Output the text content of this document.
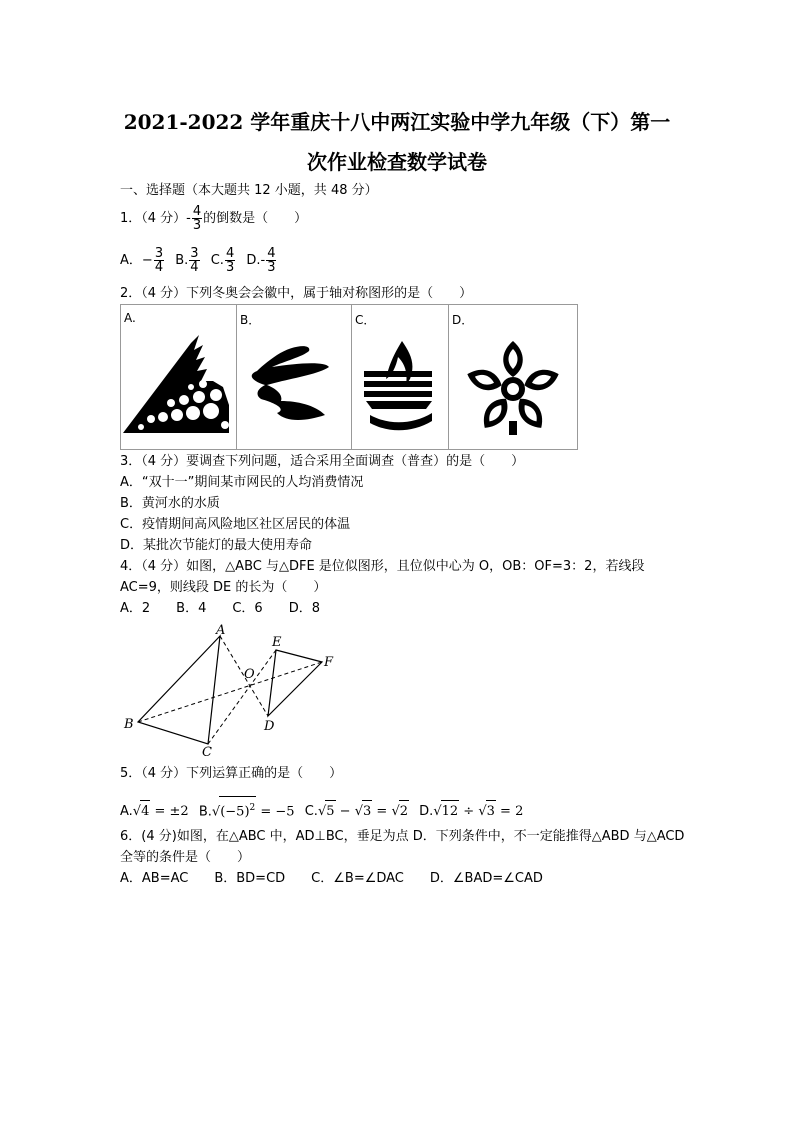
2021-2022 学年重庆十八中两江实验中学九年级（下）第一
次作业检查数学试卷
一、选择题（本大题共 12 小题，共 48 分）
1．（4 分）- $\frac{4}{3}$ 的倒数是（　　）
A．− $\frac{3}{4} B$. $\frac{3}{4} C$. $\frac{4}{3} D.- \frac{4}{3}$
2．（4 分）下列冬奥会会徽中，属于轴对称图形的是（　　）
A.	B．	C．	D．
3．（4 分）要调查下列问题，适合采用全面调查（普查）的是（　　）
A．“双十一”期间某市网民的人均消费情况
B．黄河水的水质
C．疫情期间高风险地区社区居民的体温
D．某批次节能灯的最大使用寿命
4．（4 分）如图，△ABC 与△DFE 是位似图形，且位似中心为 O，OB：OF=3：2，若线段
AC=9，则线段 DE 的长为（　　）
A．2　　B．4　　C．6　　D．8
A
B
C
D
E
F
O
5．（4 分）下列运算正确的是（　　）
A.√4 = ±2 $B.√(-5)^2 = -5$ C.√5 − √3 = √2 D.√12 ÷ √3 = 2
6．(4 分)如图，在△ABC 中，AD⊥BC，垂足为点 D．下列条件中，不一定能推得△ABD 与△ACD
全等的条件是（　　）
A．AB=AC　　B．BD=CD　　C．∠B=∠DAC　　D．∠BAD=∠CAD
